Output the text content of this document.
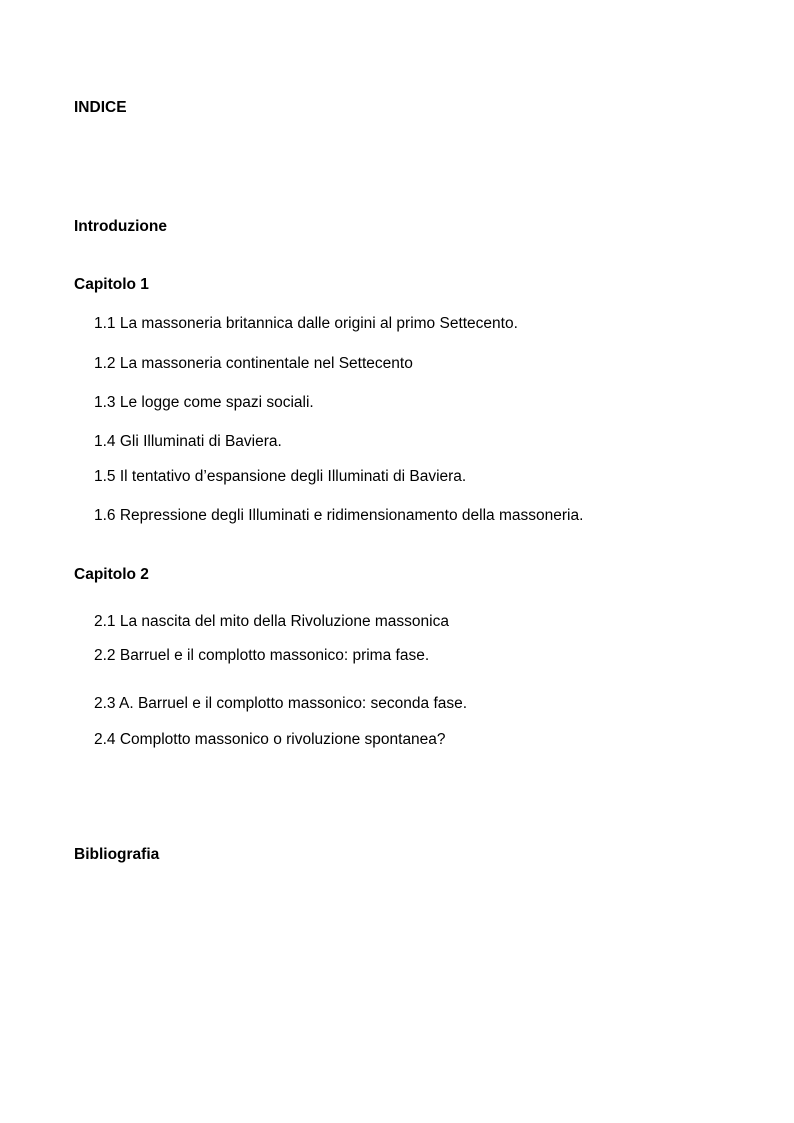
INDICE
Introduzione
Capitolo 1
1.1 La massoneria britannica dalle origini al primo Settecento.
1.2 La massoneria continentale nel Settecento
1.3 Le logge come spazi sociali.
1.4 Gli Illuminati di Baviera.
1.5 Il tentativo d’espansione degli Illuminati di Baviera.
1.6 Repressione degli Illuminati e ridimensionamento della massoneria.
Capitolo 2
2.1 La nascita del mito della Rivoluzione massonica
2.2 Barruel e il complotto massonico: prima fase.
2.3 A. Barruel e il complotto massonico: seconda fase.
2.4 Complotto massonico o rivoluzione spontanea?
Bibliografia
